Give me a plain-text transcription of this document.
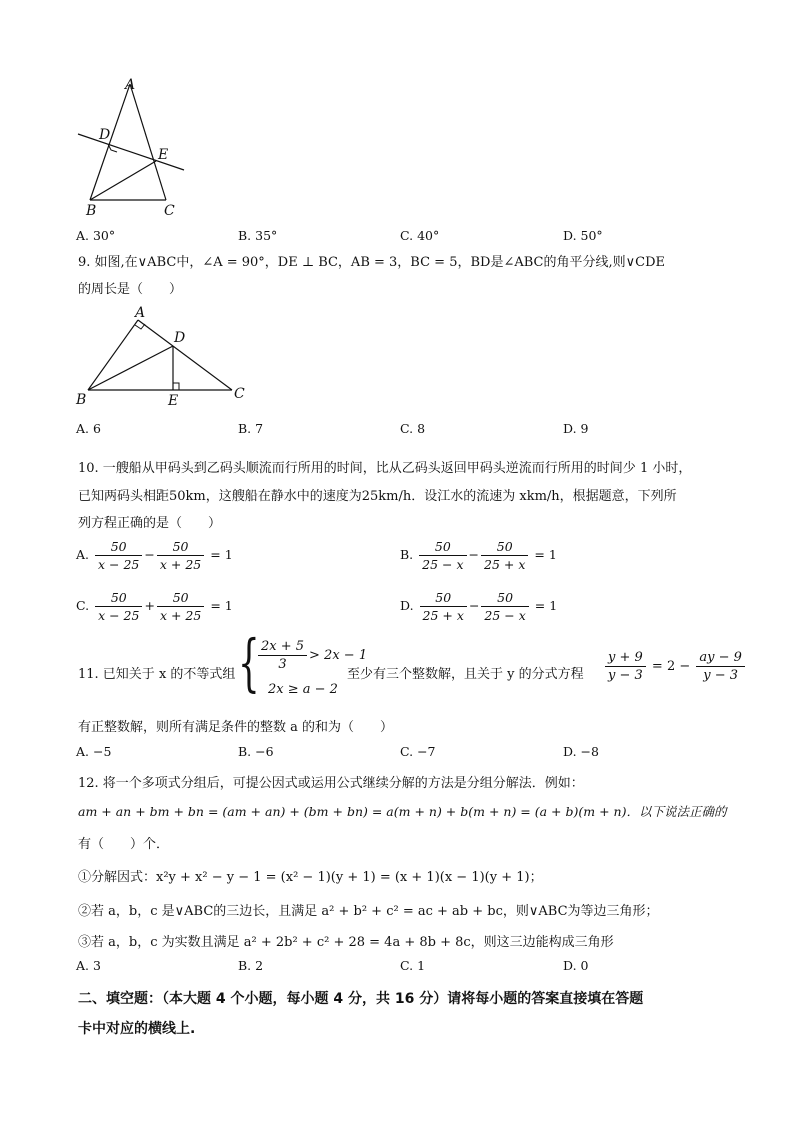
A
D
E
B	C
A. 30°	B. 35°	C. 40°	D. 50°
9. 如图,在∨ABC中，∠A = 90°，DE ⊥ BC，AB = 3，BC = 5，BD是∠ABC的角平分线,则∨CDE
的周长是（　　）
A
D
B	E	C
A. 6	B. 7	C. 8	D. 9
10. 一艘船从甲码头到乙码头顺流而行所用的时间，比从乙码头返回甲码头逆流而行所用的时间少 1 小时，
已知两码头相距50km，这艘船在静水中的速度为25km/h．设江水的流速为 xkm/h，根据题意，下列所
列方程正确的是（　　）
A. $\frac{50}{x - 25} - \frac{50}{x + 25} = 1$	B. $\frac{50}{25 - x} - \frac{50}{25 + x} = 1$
C. $\frac{50}{x - 25} + \frac{50}{x + 25} = 1$	D. $\frac{50}{25 + x} - \frac{50}{25 - x} = 1$
11. 已知关于 x 的不等式组 {
$\frac{2x + 5}{3} > 2x - 1$
2x ≥ a − 2
至少有三个整数解，且关于 y 的分式方程 $\frac{y + 9}{y - 3} = 2 - \frac{ay - 9}{y - 3}$
有正整数解，则所有满足条件的整数 a 的和为（　　）
A. −5	B. −6	C. −7	D. −8
12. 将一个多项式分组后，可提公因式或运用公式继续分解的方法是分组分解法．例如：
am + an + bm + bn = (am + an) + (bm + bn) = a(m + n) + b(m + n) = (a + b)(m + n)．以下说法正确的
有（　　）个．
①分解因式：x²y + x² − y − 1 = (x² − 1)(y + 1) = (x + 1)(x − 1)(y + 1)；
②若 a，b，c 是∨ABC的三边长，且满足 a² + b² + c² = ac + ab + bc，则∨ABC为等边三角形；
③若 a，b，c 为实数且满足 a² + 2b² + c² + 28 = 4a + 8b + 8c，则这三边能构成三角形
A. 3	B. 2	C. 1	D. 0
二、填空题：（本大题 4 个小题，每小题 4 分，共 16 分）请将每小题的答案直接填在答题
卡中对应的横线上.
